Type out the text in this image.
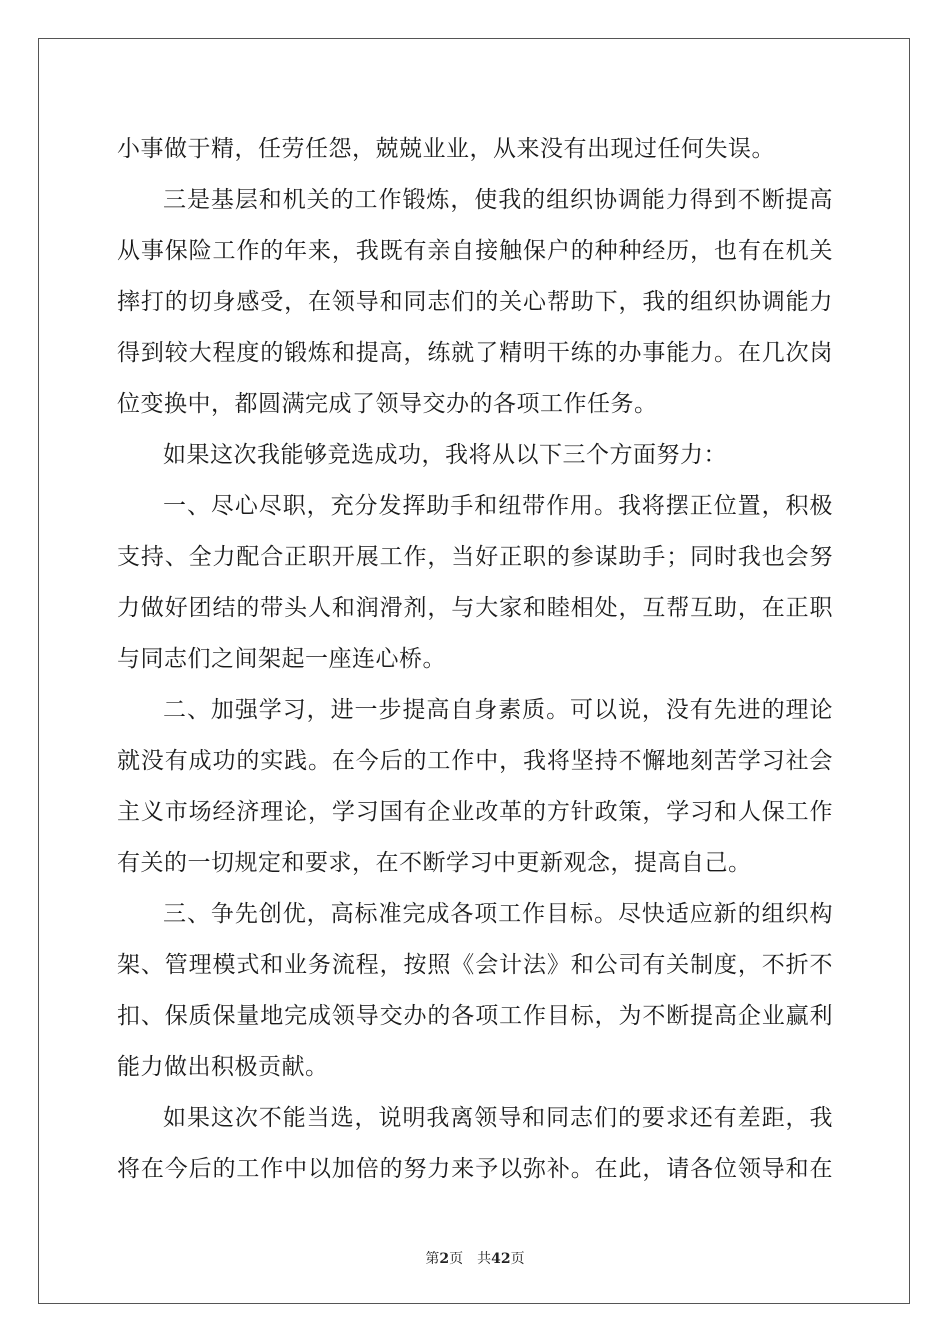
小事做于精，任劳任怨，兢兢业业，从来没有出现过任何失误。
三是基层和机关的工作锻炼，使我的组织协调能力得到不断提高
从事保险工作的年来，我既有亲自接触保户的种种经历，也有在机关
摔打的切身感受，在领导和同志们的关心帮助下，我的组织协调能力
得到较大程度的锻炼和提高，练就了精明干练的办事能力。在几次岗
位变换中，都圆满完成了领导交办的各项工作任务。
如果这次我能够竞选成功，我将从以下三个方面努力：
一、尽心尽职，充分发挥助手和纽带作用。我将摆正位置，积极
支持、全力配合正职开展工作，当好正职的参谋助手；同时我也会努
力做好团结的带头人和润滑剂，与大家和睦相处，互帮互助，在正职
与同志们之间架起一座连心桥。
二、加强学习，进一步提高自身素质。可以说，没有先进的理论
就没有成功的实践。在今后的工作中，我将坚持不懈地刻苦学习社会
主义市场经济理论，学习国有企业改革的方针政策，学习和人保工作
有关的一切规定和要求，在不断学习中更新观念，提高自己。
三、争先创优，高标准完成各项工作目标。尽快适应新的组织构
架、管理模式和业务流程，按照《会计法》和公司有关制度，不折不
扣、保质保量地完成领导交办的各项工作目标，为不断提高企业赢利
能力做出积极贡献。
如果这次不能当选，说明我离领导和同志们的要求还有差距，我
将在今后的工作中以加倍的努力来予以弥补。在此，请各位领导和在
第2页 共42页
